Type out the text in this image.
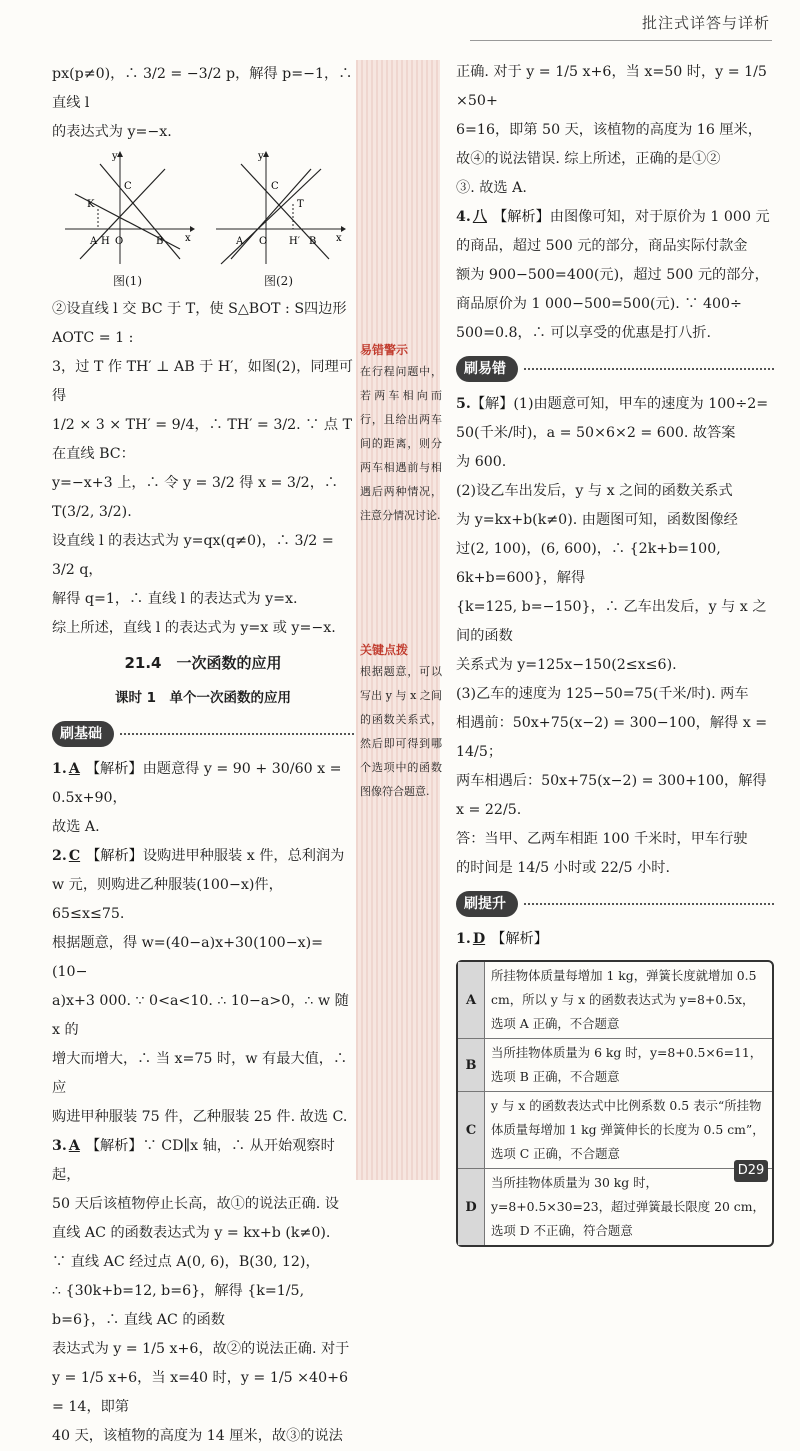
批注式详答与详析

px(p≠0)，∴ 3/2 = −3/2 p，解得 p=−1，∴ 直线 l

的表达式为 y=−x.

A H O	B
C
K
y
x
图(1)
A O H′ B
C
T
y
x
图(2)

②设直线 l 交 BC 于 T，使 S△BOT : S四边形AOTC = 1 :

3，过 T 作 TH′ ⊥ AB 于 H′，如图(2)，同理可得

1/2 × 3 × TH′ = 9/4，∴ TH′ = 3/2. ∵ 点 T 在直线 BC：

y=−x+3 上，∴ 令 y = 3/2 得 x = 3/2，∴ T(3/2, 3/2).

设直线 l 的表达式为 y=qx(q≠0)，∴ 3/2 = 3/2 q，

解得 q=1，∴ 直线 l 的表达式为 y=x.

综上所述，直线 l 的表达式为 y=x 或 y=−x.

21.4　一次函数的应用
课时 1　单个一次函数的应用
刷基础

1. A 【解析】由题意得 y = 90 + 30/60 x = 0.5x+90，

故选 A.

2. C 【解析】设购进甲种服装 x 件，总利润为

w 元，则购进乙种服装(100−x)件，65≤x≤75.

根据题意，得 w=(40−a)x+30(100−x)=(10−

a)x+3 000. ∵ 0<a<10. ∴ 10−a>0，∴ w 随 x 的

增大而增大，∴ 当 x=75 时，w 有最大值，∴ 应

购进甲种服装 75 件，乙种服装 25 件. 故选 C.

3. A 【解析】∵ CD∥x 轴，∴ 从开始观察时起，

50 天后该植物停止长高，故①的说法正确. 设

直线 AC 的函数表达式为 y = kx+b (k≠0).

∵ 直线 AC 经过点 A(0, 6)，B(30, 12)，

∴ {30k+b=12, b=6}，解得 {k=1/5, b=6}，∴ 直线 AC 的函数

表达式为 y = 1/5 x+6，故②的说法正确. 对于

y = 1/5 x+6，当 x=40 时，y = 1/5 ×40+6 = 14，即第

40 天，该植物的高度为 14 厘米，故③的说法

易错警示
在行程问题中，若两车相向而行，且给出两车间的距离，则分两车相遇前与相遇后两种情况，注意分情况讨论.
关键点拨
根据题意，可以写出 y 与 x 之间的函数关系式，然后即可得到哪个选项中的函数图像符合题意.

正确. 对于 y = 1/5 x+6，当 x=50 时，y = 1/5 ×50+

6=16，即第 50 天，该植物的高度为 16 厘米，

故④的说法错误. 综上所述，正确的是①②

③. 故选 A.

4. 八 【解析】由图像可知，对于原价为 1 000 元

的商品，超过 500 元的部分，商品实际付款金

额为 900−500=400(元)，超过 500 元的部分，

商品原价为 1 000−500=500(元). ∵ 400÷

500=0.8，∴ 可以享受的优惠是打八折.

刷易错

5.【解】(1)由题意可知，甲车的速度为 100÷2=

50(千米/时)，a = 50×6×2 = 600. 故答案

为 600.

(2)设乙车出发后，y 与 x 之间的函数关系式

为 y=kx+b(k≠0). 由题图可知，函数图像经

过(2, 100)，(6, 600)，∴ {2k+b=100, 6k+b=600}，解得

{k=125, b=−150}，∴ 乙车出发后，y 与 x 之间的函数

关系式为 y=125x−150(2≤x≤6).

(3)乙车的速度为 125−50=75(千米/时). 两车

相遇前：50x+75(x−2) = 300−100，解得 x = 14/5；

两车相遇后：50x+75(x−2) = 300+100，解得

x = 22/5.

答：当甲、乙两车相距 100 千米时，甲车行驶

的时间是 14/5 小时或 22/5 小时.

刷提升

1. D 【解析】

A
所挂物体质量每增加 1 kg，弹簧长度就增加 0.5 cm，所以 y 与 x 的函数表达式为 y=8+0.5x，选项 A 正确，不合题意
B
当所挂物体质量为 6 kg 时，y=8+0.5×6=11，选项 B 正确，不合题意
C
y 与 x 的函数表达式中比例系数 0.5 表示“所挂物体质量每增加 1 kg 弹簧伸长的长度为 0.5 cm”，选项 C 正确，不合题意
D
当所挂物体质量为 30 kg 时，y=8+0.5×30=23，超过弹簧最长限度 20 cm，选项 D 不正确，符合题意
D29
